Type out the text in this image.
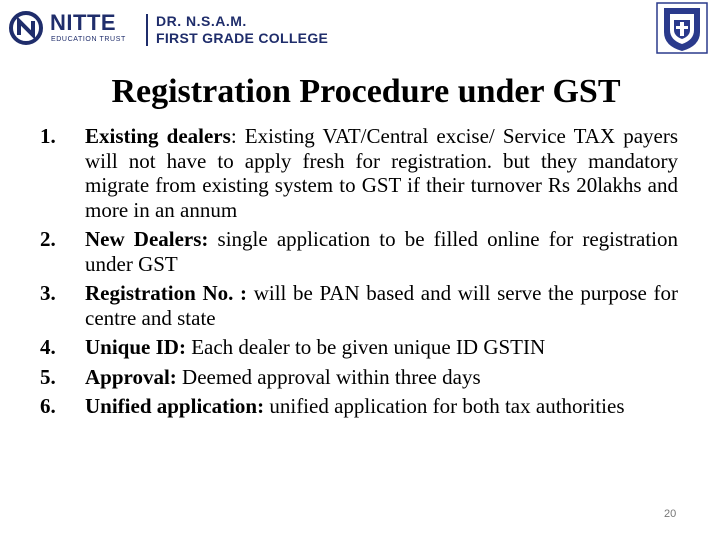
NITTE
EDUCATION TRUST
DR. N.S.A.M.
FIRST GRADE COLLEGE
Registration Procedure under GST
1. Existing dealers: Existing VAT/Central excise/ Service TAX payers will not have to apply fresh for registration. but they mandatory migrate from existing system to GST if their turnover Rs 20lakhs and more in an annum
2. New Dealers: single application to be filled online for registration under GST
3. Registration No. : will be PAN based and will serve the purpose for centre and state
4. Unique ID: Each dealer to be given unique ID GSTIN
5. Approval: Deemed approval within three days
6. Unified application: unified application for both tax authorities
20
